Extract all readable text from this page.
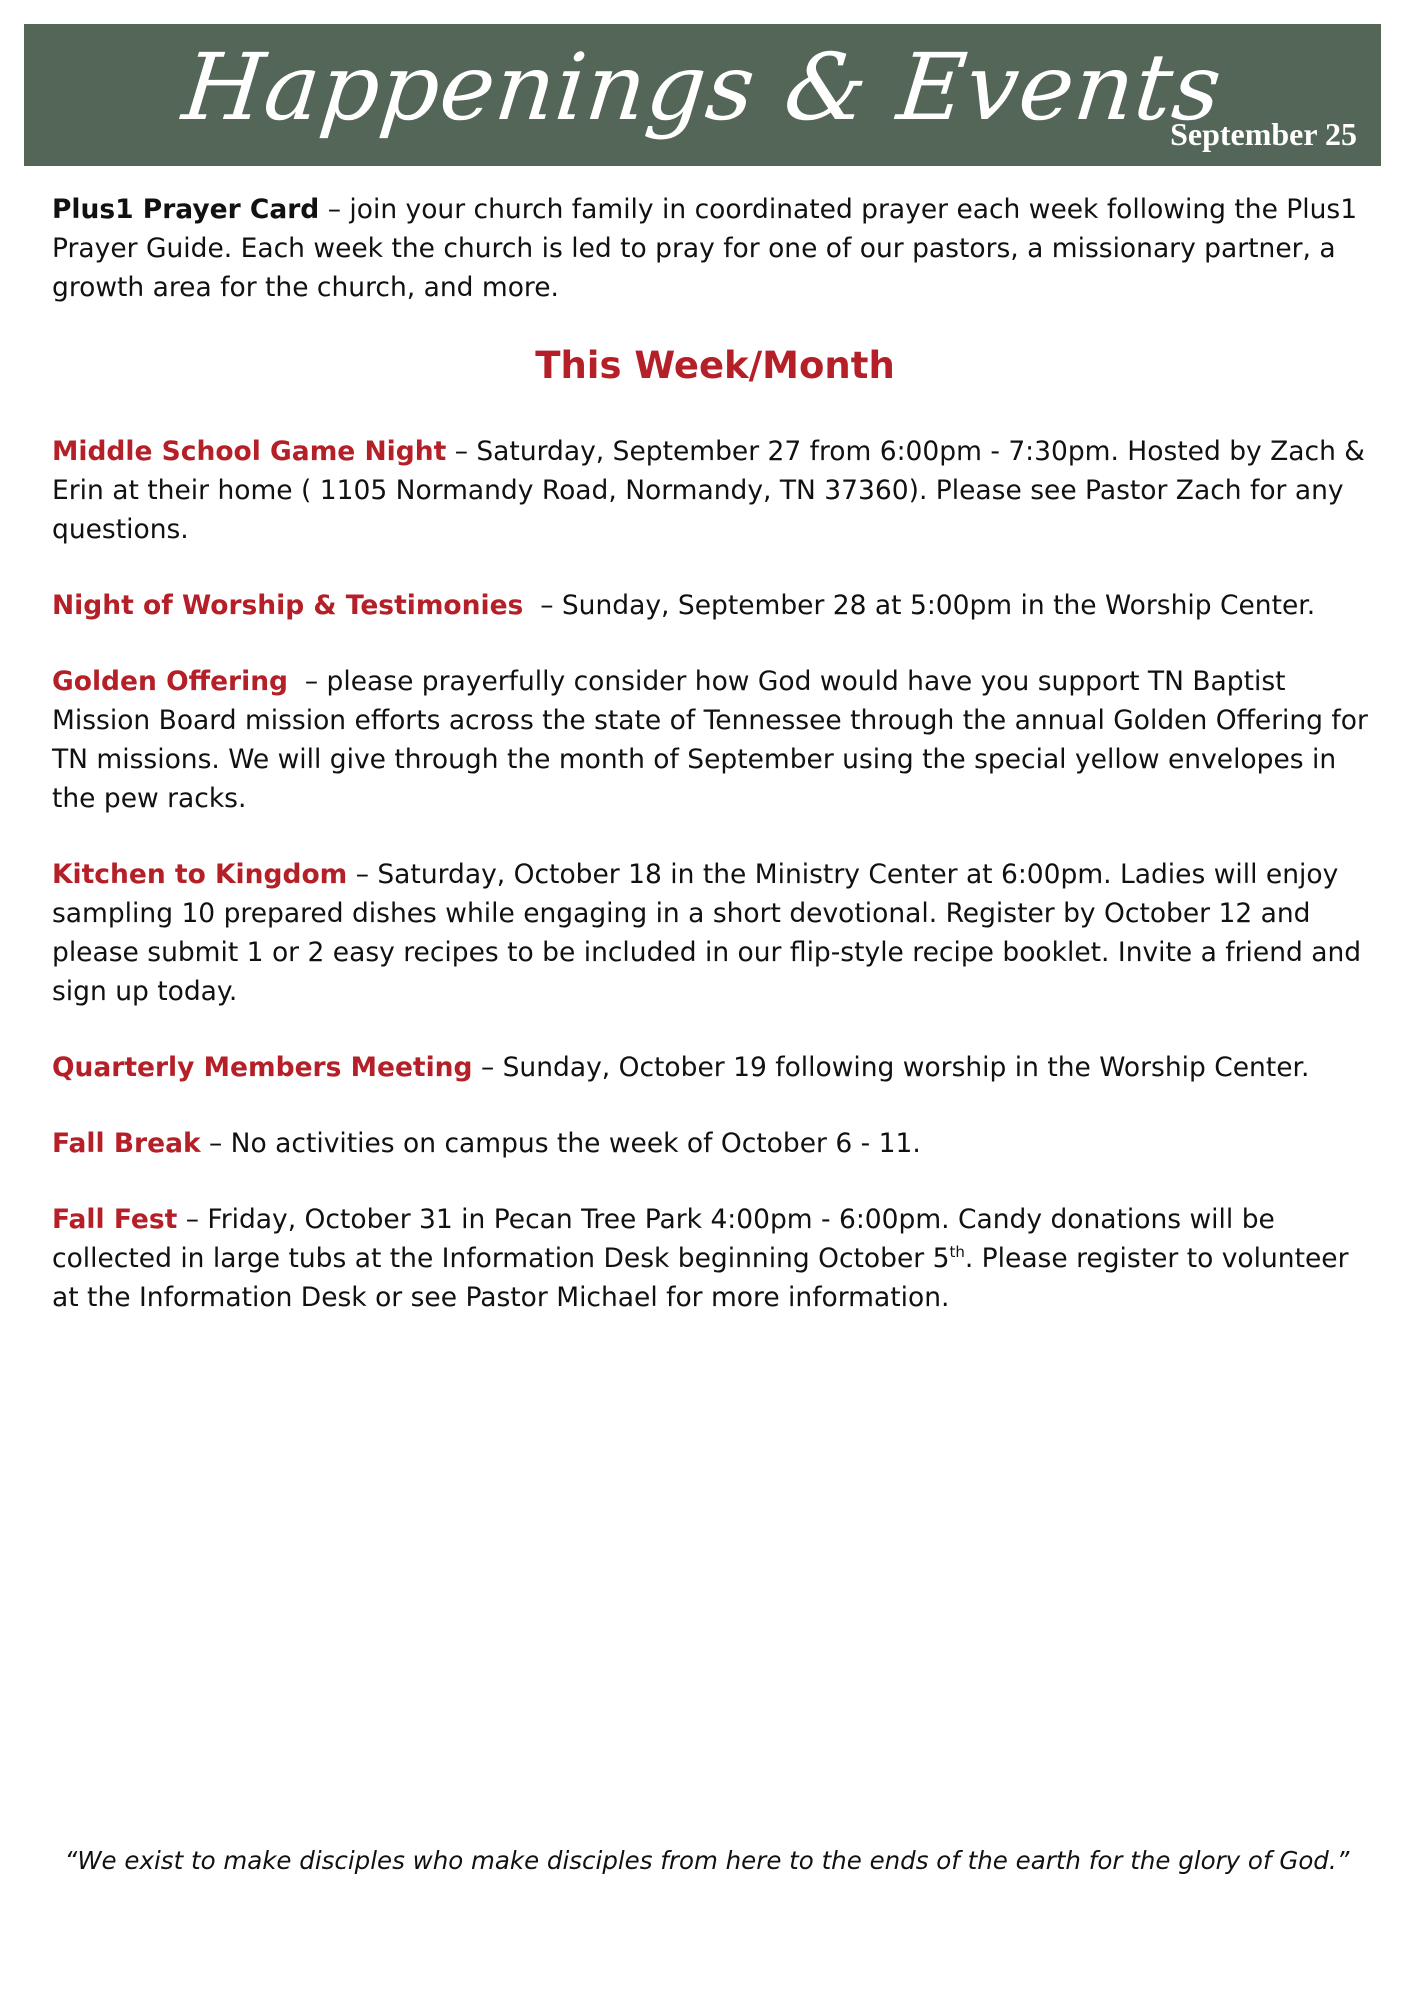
Happenings & Events
September 25

Plus1 Prayer Card – join your church family in coordinated prayer each week following the Plus1 Prayer Guide. Each week the church is led to pray for one of our pastors, a missionary partner, a growth area for the church, and more.

This Week/Month

Middle School Game Night – Saturday, September 27 from 6:00pm - 7:30pm. Hosted by Zach & Erin at their home ( 1105 Normandy Road, Normandy, TN 37360). Please see Pastor Zach for any questions.

Night of Worship & Testimonies  – Sunday, September 28 at 5:00pm in the Worship Center.

Golden Offering  – please prayerfully consider how God would have you support TN Baptist Mission Board mission efforts across the state of Tennessee through the annual Golden Offering for TN missions. We will give through the month of September using the special yellow envelopes in the pew racks.

Kitchen to Kingdom – Saturday, October 18 in the Ministry Center at 6:00pm. Ladies will enjoy sampling 10 prepared dishes while engaging in a short devotional. Register by October 12 and please submit 1 or 2 easy recipes to be included in our flip-style recipe booklet. Invite a friend and sign up today.

Quarterly Members Meeting – Sunday, October 19 following worship in the Worship Center.

Fall Break – No activities on campus the week of October 6 - 11.

Fall Fest – Friday, October 31 in Pecan Tree Park 4:00pm - 6:00pm. Candy donations will be collected in large tubs at the Information Desk beginning October 5th. Please register to volunteer at the Information Desk or see Pastor Michael for more information.

“We exist to make disciples who make disciples from here to the ends of the earth for the glory of God.”
